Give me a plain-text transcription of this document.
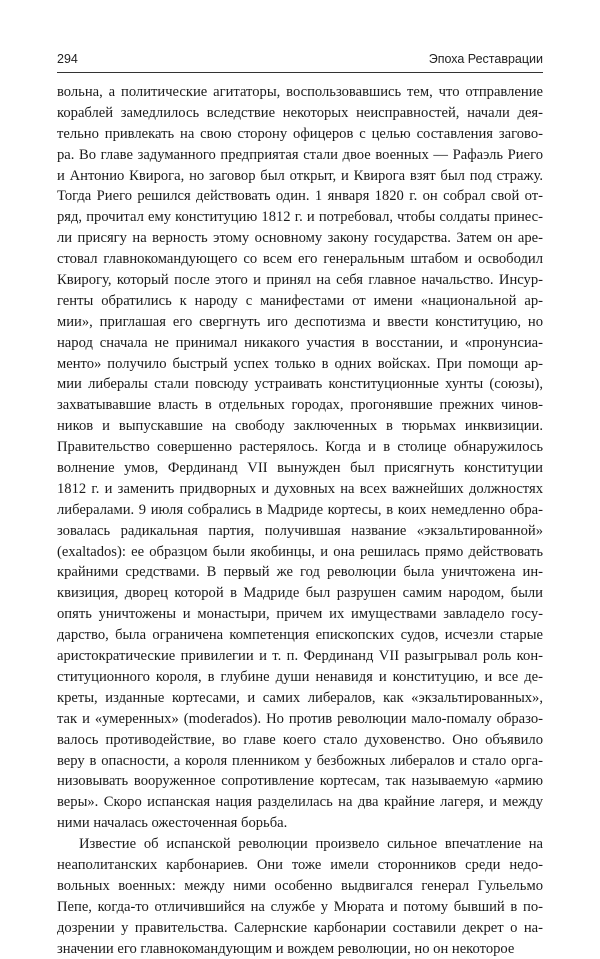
294	Эпоха Реставрации
вольна, а политические агитаторы, воспользовавшись тем, что отправление
кораблей замедлилось вследствие некоторых неисправностей, начали дея-
тельно привлекать на свою сторону офицеров с целью составления загово-
ра. Во главе задуманного предприятая стали двое военных — Рафаэль Риего
и Антонио Квирога, но заговор был открыт, и Квирога взят был под стражу.
Тогда Риего решился действовать один. 1 января 1820 г. он собрал свой от-
ряд, прочитал ему конституцию 1812 г. и потребовал, чтобы солдаты принес-
ли присягу на верность этому основному закону государства. Затем он аре-
стовал главнокомандующего со всем его генеральным штабом и освободил
Квирогу, который после этого и принял на себя главное начальство. Инсур-
генты обратились к народу с манифестами от имени «национальной ар-
мии», приглашая его свергнуть иго деспотизма и ввести конституцию, но
народ сначала не принимал никакого участия в восстании, и «пронунсиа-
менто» получило быстрый успех только в одних войсках. При помощи ар-
мии либералы стали повсюду устраивать конституционные хунты (союзы),
захватывавшие власть в отдельных городах, прогонявшие прежних чинов-
ников и выпускавшие на свободу заключенных в тюрьмах инквизиции.
Правительство совершенно растерялось. Когда и в столице обнаружилось
волнение умов, Фердинанд VII вынужден был присягнуть конституции
1812 г. и заменить придворных и духовных на всех важнейших должностях
либералами. 9 июля собрались в Мадриде кортесы, в коих немедленно обра-
зовалась радикальная партия, получившая название «экзальтированной»
(exaltados): ее образцом были якобинцы, и она решилась прямо действовать
крайними средствами. В первый же год революции была уничтожена ин-
квизиция, дворец которой в Мадриде был разрушен самим народом, были
опять уничтожены и монастыри, причем их имуществами завладело госу-
дарство, была ограничена компетенция епископских судов, исчезли старые
аристократические привилегии и т. п. Фердинанд VII разыгрывал роль кон-
ституционного короля, в глубине души ненавидя и конституцию, и все де-
креты, изданные кортесами, и самих либералов, как «экзальтированных»,
так и «умеренных» (moderados). Но против революции мало-помалу образо-
валось противодействие, во главе коего стало духовенство. Оно объявило
веру в опасности, а короля пленником у безбожных либералов и стало орга-
низовывать вооруженное сопротивление кортесам, так называемую «армию
веры». Скоро испанская нация разделилась на два крайние лагеря, и между
ними началась ожесточенная борьба.
Известие об испанской революции произвело сильное впечатление на
неаполитанских карбонариев. Они тоже имели сторонников среди недо-
вольных военных: между ними особенно выдвигался генерал Гульельмо
Пепе, когда-то отличившийся на службе у Мюрата и потому бывший в по-
дозрении у правительства. Салернские карбонарии составили декрет о на-
значении его главнокомандующим и вождем революции, но он некоторое
